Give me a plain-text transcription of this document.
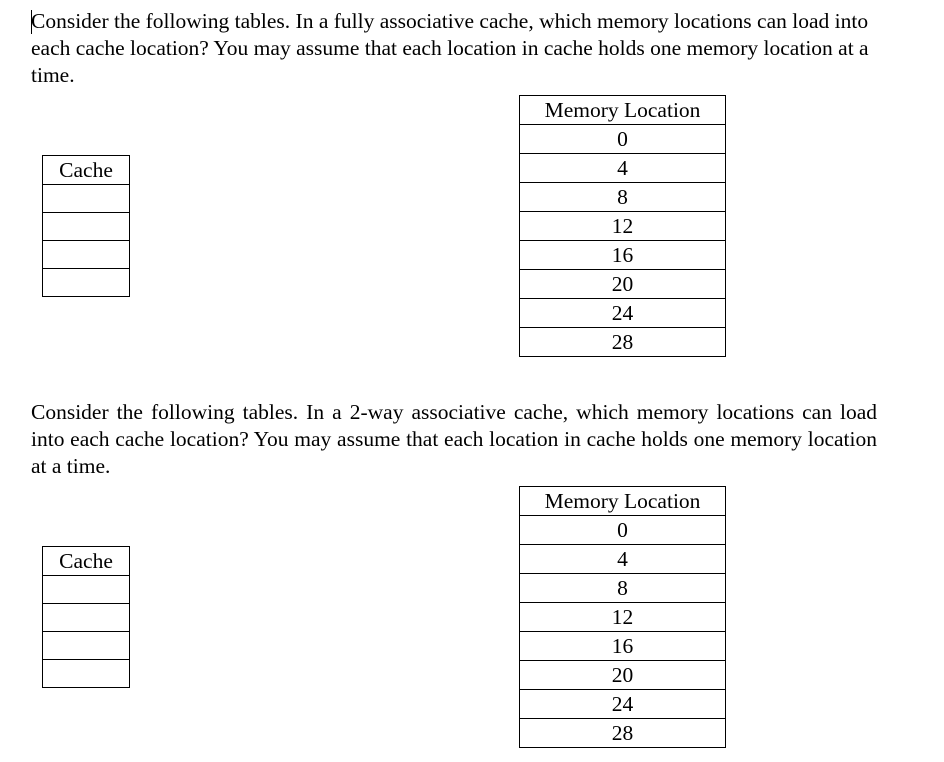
Consider the following tables. In a fully associative cache, which memory locations can load into each cache location? You may assume that each location in cache holds one memory location at a time.

Cache

Memory Location
0
4
8
12
16
20
24
28

Consider the following tables. In a 2-way associative cache, which memory locations can load into each cache location? You may assume that each location in cache holds one memory location at a time.

Cache

Memory Location
0
4
8
12
16
20
24
28
